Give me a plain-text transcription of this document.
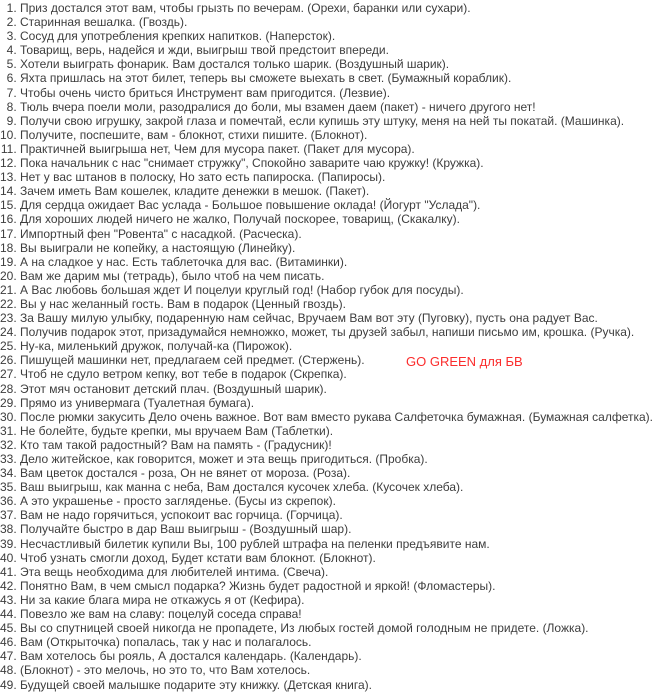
1. Приз достался этот вам, чтобы грызть по вечерам. (Орехи, баранки или сухари).
2. Старинная вешалка. (Гвоздь).
3. Сосуд для употребления крепких напитков. (Наперсток).
4. Товарищ, верь, надейся и жди, выигрыш твой предстоит впереди.
5. Хотели выиграть фонарик. Вам достался только шарик. (Воздушный шарик).
6. Яхта пришлась на этот билет, теперь вы сможете выехать в свет. (Бумажный кораблик).
7. Чтобы очень чисто бриться Инструмент вам пригодится. (Лезвие).
8. Тюль вчера поели моли, разодралися до боли, мы взамен даем (пакет) - ничего другого нет!
9. Получи свою игрушку, закрой глаза и помечтай, если купишь эту штуку, меня на ней ты покатай. (Машинка).
10. Получите, поспешите, вам - блокнот, стихи пишите. (Блокнот).
11. Практичней выигрыша нет, Чем для мусора пакет. (Пакет для мусора).
12. Пока начальник с нас "снимает стружку", Спокойно заварите чаю кружку! (Кружка).
13. Нет у вас штанов в полоску, Но зато есть папироска. (Папиросы).
14. Зачем иметь Вам кошелек, кладите денежки в мешок. (Пакет).
15. Для сердца ожидает Вас услада - Большое повышение оклада! (Йогурт "Услада").
16. Для хороших людей ничего не жалко, Получай поскорее, товарищ, (Скакалку).
17. Импортный фен "Ровента" с насадкой. (Расческа).
18. Вы выиграли не копейку, а настоящую (Линейку).
19. А на сладкое у нас. Есть таблеточка для вас. (Витаминки).
20. Вам же дарим мы (тетрадь), было чтоб на чем писать.
21. А Вас любовь большая ждет И поцелуи круглый год! (Набор губок для посуды).
22. Вы у нас желанный гость. Вам в подарок (Ценный гвоздь).
23. За Вашу милую улыбку, подаренную нам сейчас, Вручаем Вам вот эту (Пуговку), пусть она радует Вас.
24. Получив подарок этот, призадумайся немножко, может, ты друзей забыл, напиши письмо им, крошка. (Ручка).
25. Ну-ка, миленький дружок, получай-ка (Пирожок).
26. Пишущей машинки нет, предлагаем сей предмет. (Стержень).
27. Чтоб не сдуло ветром кепку, вот тебе в подарок (Скрепка).
28. Этот мяч остановит детский плач. (Воздушный шарик).
29. Прямо из универмага (Туалетная бумага).
30. После рюмки закусить Дело очень важное. Вот вам вместо рукава Салфеточка бумажная. (Бумажная салфетка).
31. Не болейте, будьте крепки, мы вручаем Вам (Таблетки).
32. Кто там такой радостный? Вам на память - (Градусник)!
33. Дело житейское, как говорится, может и эта вещь пригодиться. (Пробка).
34. Вам цветок достался - роза, Он не вянет от мороза. (Роза).
35. Ваш выигрыш, как манна с неба, Вам достался кусочек хлеба. (Кусочек хлеба).
36. А это украшенье - просто загляденье. (Бусы из скрепок).
37. Вам не надо горячиться, успокоит вас горчица. (Горчица).
38. Получайте быстро в дар Ваш выигрыш - (Воздушный шар).
39. Несчастливый билетик купили Вы, 100 рублей штрафа на пеленки предъявите нам.
40. Чтоб узнать смогли доход, Будет кстати вам блокнот. (Блокнот).
41. Эта вещь необходима для любителей интима. (Свеча).
42. Понятно Вам, в чем смысл подарка? Жизнь будет радостной и яркой! (Фломастеры).
43. Ни за какие блага мира не откажусь я от (Кефира).
44. Повезло же вам на славу: поцелуй соседа справа!
45. Вы со спутницей своей никогда не пропадете, Из любых гостей домой голодным не придете. (Ложка).
46. Вам (Открыточка) попалась, так у нас и полагалось.
47. Вам хотелось бы рояль, А достался календарь. (Календарь).
48. (Блокнот) - это мелочь, но это то, что Вам хотелось.
49. Будущей своей малышке подарите эту книжку. (Детская книга).
GO GREEN для БВ
